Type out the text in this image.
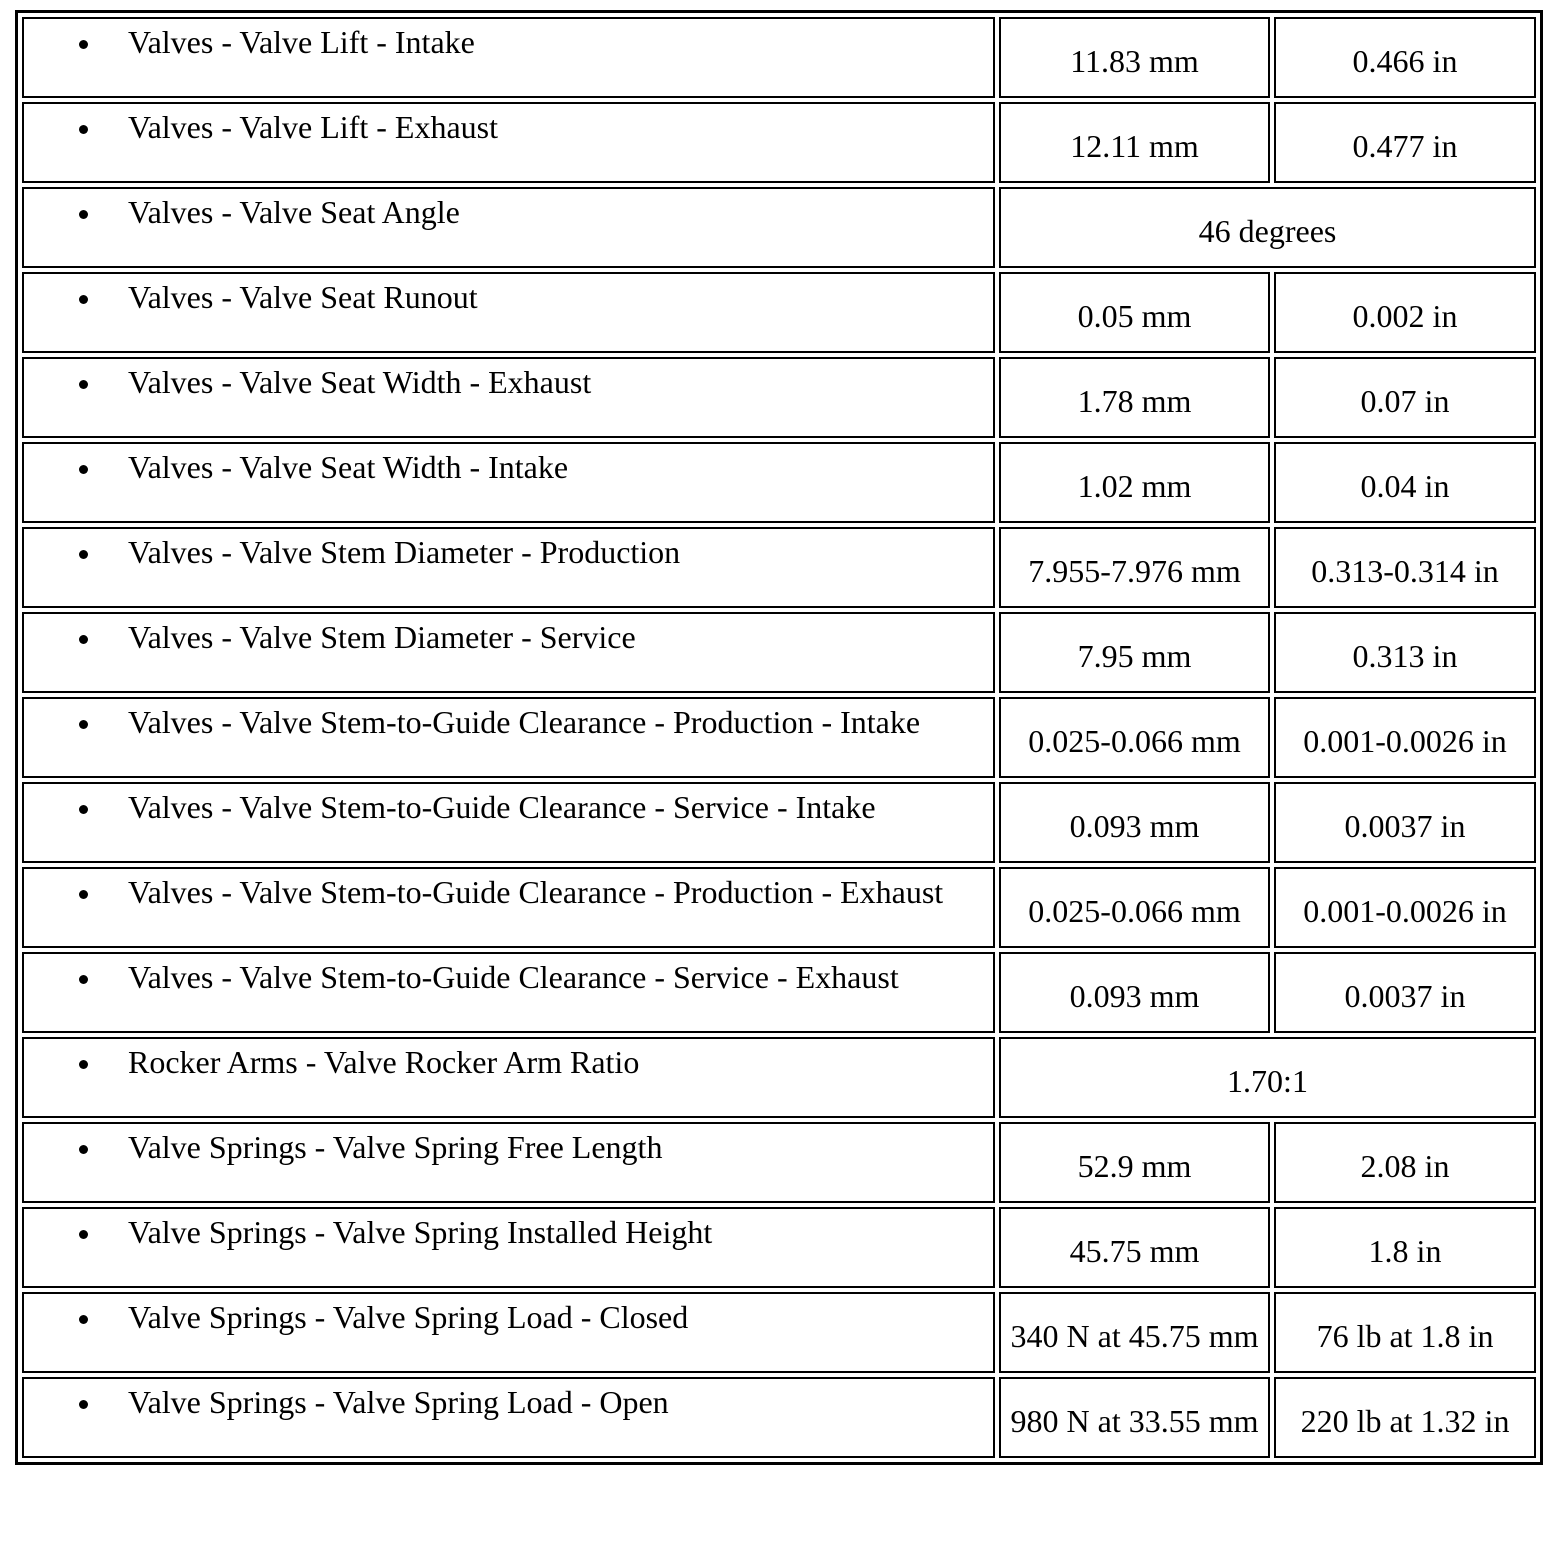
Valves - Valve Lift - Intake	11.83 mm	0.466 in

Valves - Valve Lift - Exhaust	12.11 mm	0.477 in

Valves - Valve Seat Angle	46 degrees	

Valves - Valve Seat Runout	0.05 mm	0.002 in

Valves - Valve Seat Width - Exhaust	1.78 mm	0.07 in

Valves - Valve Seat Width - Intake	1.02 mm	0.04 in

Valves - Valve Stem Diameter - Production	7.955-7.976 mm	0.313-0.314 in

Valves - Valve Stem Diameter - Service	7.95 mm	0.313 in

Valves - Valve Stem-to-Guide Clearance - Production - Intake	0.025-0.066 mm	0.001-0.0026 in

Valves - Valve Stem-to-Guide Clearance - Service - Intake	0.093 mm	0.0037 in

Valves - Valve Stem-to-Guide Clearance - Production - Exhaust	0.025-0.066 mm	0.001-0.0026 in

Valves - Valve Stem-to-Guide Clearance - Service - Exhaust	0.093 mm	0.0037 in

Rocker Arms - Valve Rocker Arm Ratio	1.70:1	

Valve Springs - Valve Spring Free Length	52.9 mm	2.08 in

Valve Springs - Valve Spring Installed Height	45.75 mm	1.8 in

Valve Springs - Valve Spring Load - Closed	340 N at 45.75 mm	76 lb at 1.8 in

Valve Springs - Valve Spring Load - Open	980 N at 33.55 mm	220 lb at 1.32 in
